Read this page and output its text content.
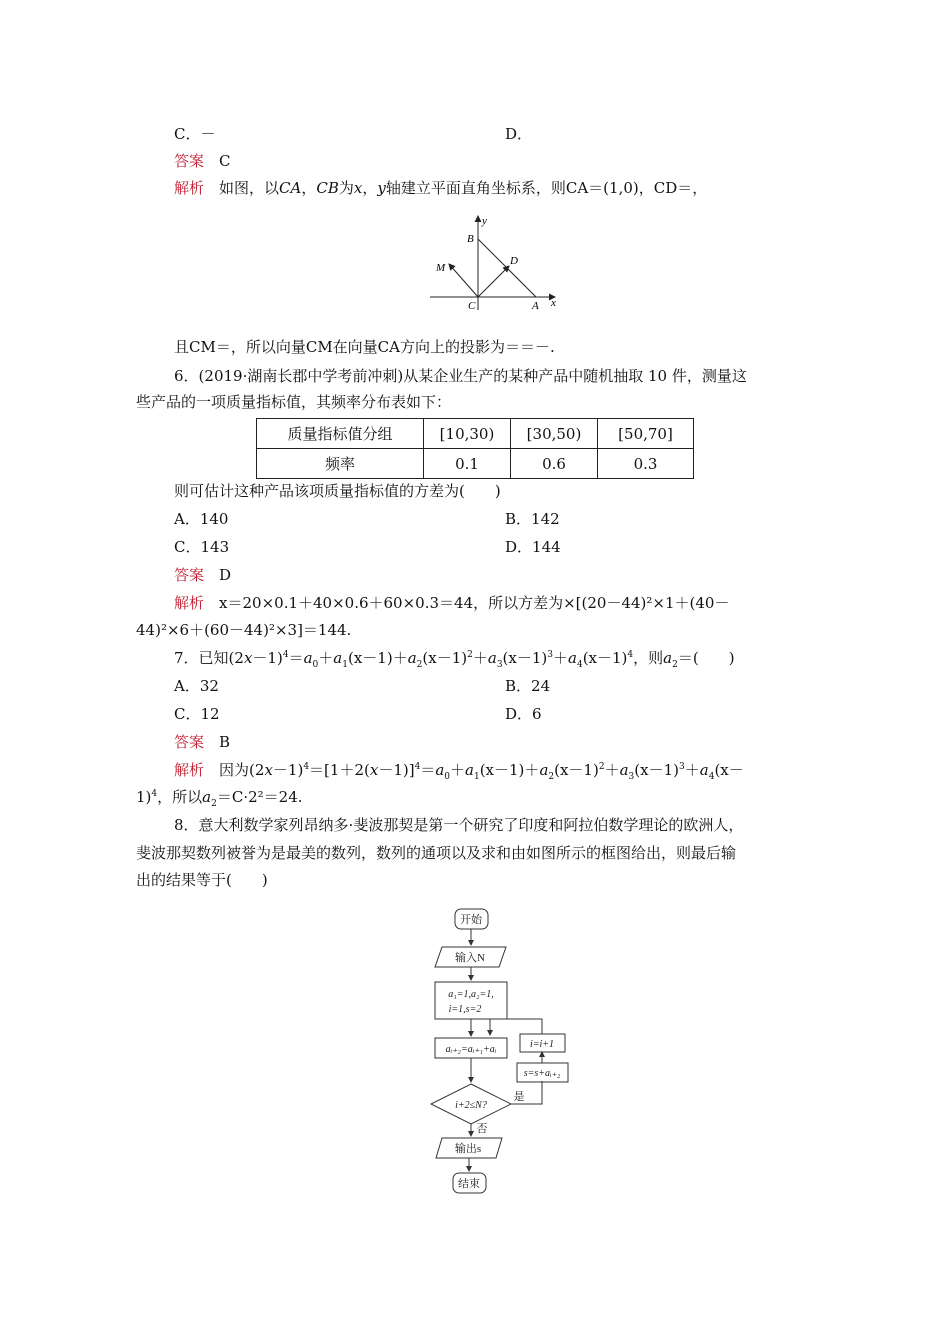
C．－	D．
答案　 C
解析　 如图，以CA，CB为x，y轴建立平面直角坐标系，则CA＝(1,0)，CD＝，
y
B
D
M
C	A x
且CM＝，所以向量CM在向量CA方向上的投影为＝＝－.
6．(2019·湖南长郡中学考前冲刺)从某企业生产的某种产品中随机抽取 10 件，测量这
些产品的一项质量指标值，其频率分布表如下：
质量指标值分组	[10,30)	[30,50)	[50,70]
频率	0.1	0.6	0.3
则可估计这种产品该项质量指标值的方差为(　　)
A．140	B．142
C．143	D．144
答案　 D
解析　 x＝20×0.1＋40×0.6＋60×0.3＝44，所以方差为×[(20－44)²×1＋(40－
44)²×6＋(60－44)²×3]＝144.
7．已知$(2x-1)^4=a_0+a_1(x-1)+a_2(x-1)^2+a_3(x-1)^3+a_4(x-1)^4$，则$a_2=$(　　)
A．32	B．24
C．12	D．6
答案　 B
解析　 因为$(2x-1)^4=[1+2(x-1)]^4=a_0+a_1(x-1)+a_2(x-1)^2+a_3(x-1)^3+a_4(x-$
1)$^4$，所以$a_2=C\cdot 2^2=24$.
8．意大利数学家列昂纳多·斐波那契是第一个研究了印度和阿拉伯数学理论的欧洲人，
斐波那契数列被誉为是最美的数列，数列的通项以及求和由如图所示的框图给出，则最后输
出的结果等于(　　)
开始
输入N
a₁=1,a₂=1,
i=1,s=2
aᵢ₊₂=aᵢ₊₁+aᵢ	i=i+1
s=s+aᵢ₊₂
i+2≤N?
是
否
输出s
结束
